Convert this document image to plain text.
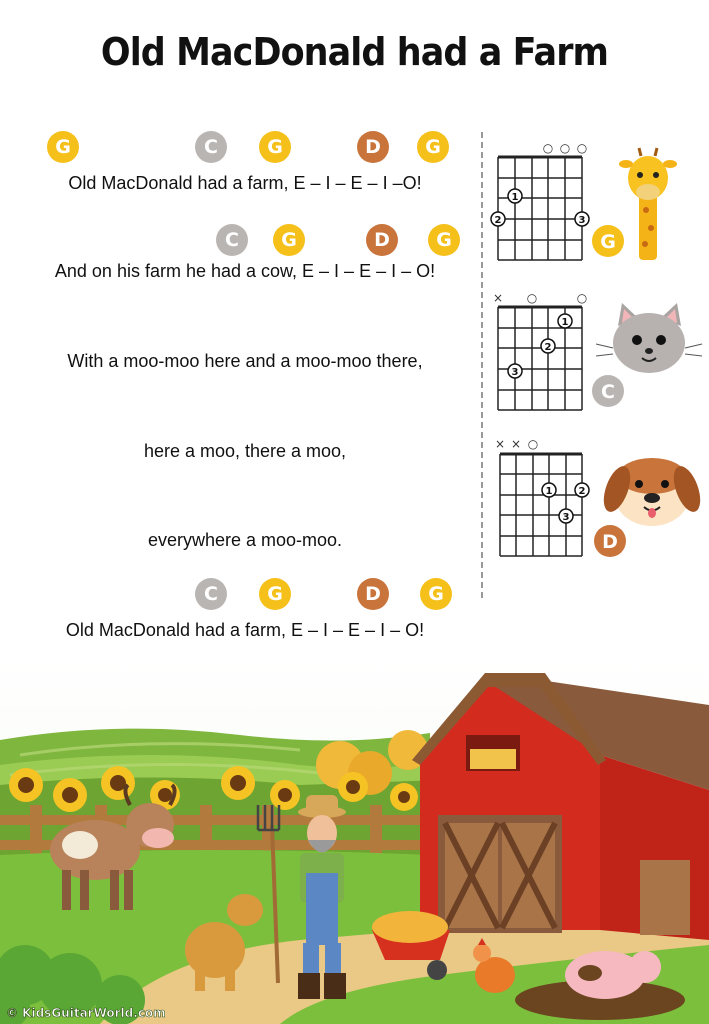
Old MacDonald had a Farm
G	C	G	D	G
Old MacDonald had a farm, E – I – E – I –O!
C	G	D	G
And on his farm he had a cow, E – I – E – I – O!
With a moo-moo here and a moo-moo there,
here a moo, there a moo,
everywhere a moo-moo.
C	G	D	G
Old MacDonald had a farm, E – I – E – I – O!
○ ○ ○
2
1
3
G
× ○	○
3
2
1
C
× × ○
1
3
2
D
© KidsGuitarWorld.com
